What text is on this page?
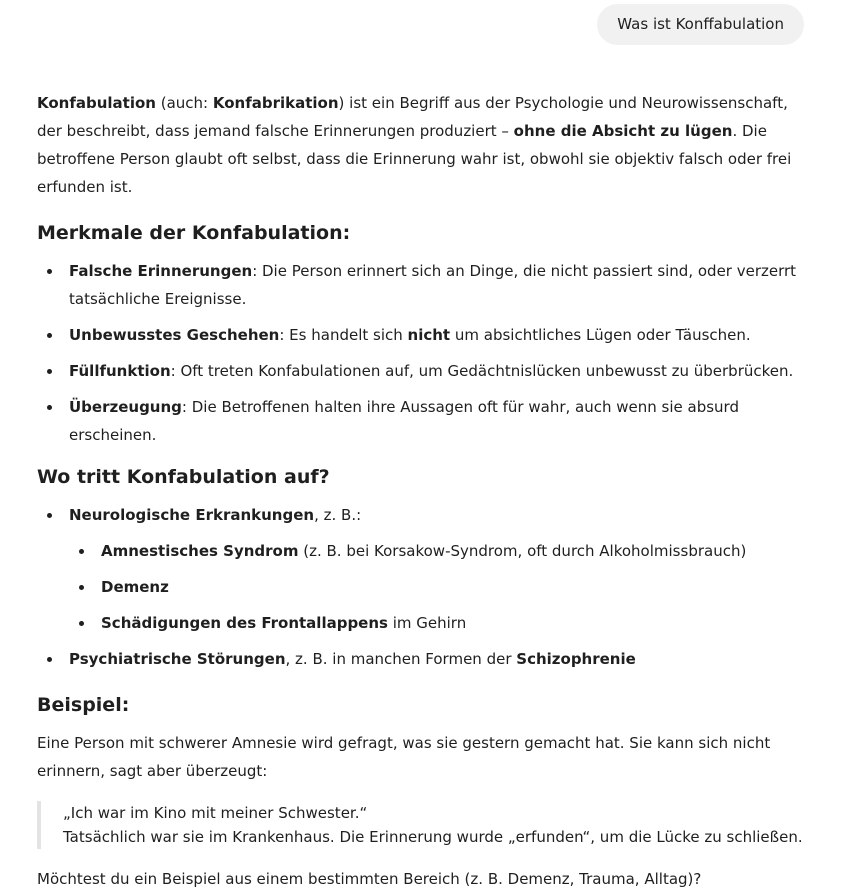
Was ist Konffabulation

Konfabulation (auch: Konfabrikation) ist ein Begriff aus der Psychologie und Neurowissenschaft, der beschreibt, dass jemand falsche Erinnerungen produziert – ohne die Absicht zu lügen. Die betroffene Person glaubt oft selbst, dass die Erinnerung wahr ist, obwohl sie objektiv falsch oder frei erfunden ist.

Merkmale der Konfabulation:
Falsche Erinnerungen: Die Person erinnert sich an Dinge, die nicht passiert sind, oder verzerrt tatsächliche Ereignisse.
Unbewusstes Geschehen: Es handelt sich nicht um absichtliches Lügen oder Täuschen.
Füllfunktion: Oft treten Konfabulationen auf, um Gedächtnislücken unbewusst zu überbrücken.
Überzeugung: Die Betroffenen halten ihre Aussagen oft für wahr, auch wenn sie absurd erscheinen.
Wo tritt Konfabulation auf?
Neurologische Erkrankungen, z. B.:
Amnestisches Syndrom (z. B. bei Korsakow-Syndrom, oft durch Alkoholmissbrauch)
Demenz
Schädigungen des Frontallappens im Gehirn
Psychiatrische Störungen, z. B. in manchen Formen der Schizophrenie
Beispiel:

Eine Person mit schwerer Amnesie wird gefragt, was sie gestern gemacht hat. Sie kann sich nicht erinnern, sagt aber überzeugt:

„Ich war im Kino mit meiner Schwester.“
Tatsächlich war sie im Krankenhaus. Die Erinnerung wurde „erfunden“, um die Lücke zu schließen.

Möchtest du ein Beispiel aus einem bestimmten Bereich (z. B. Demenz, Trauma, Alltag)?
